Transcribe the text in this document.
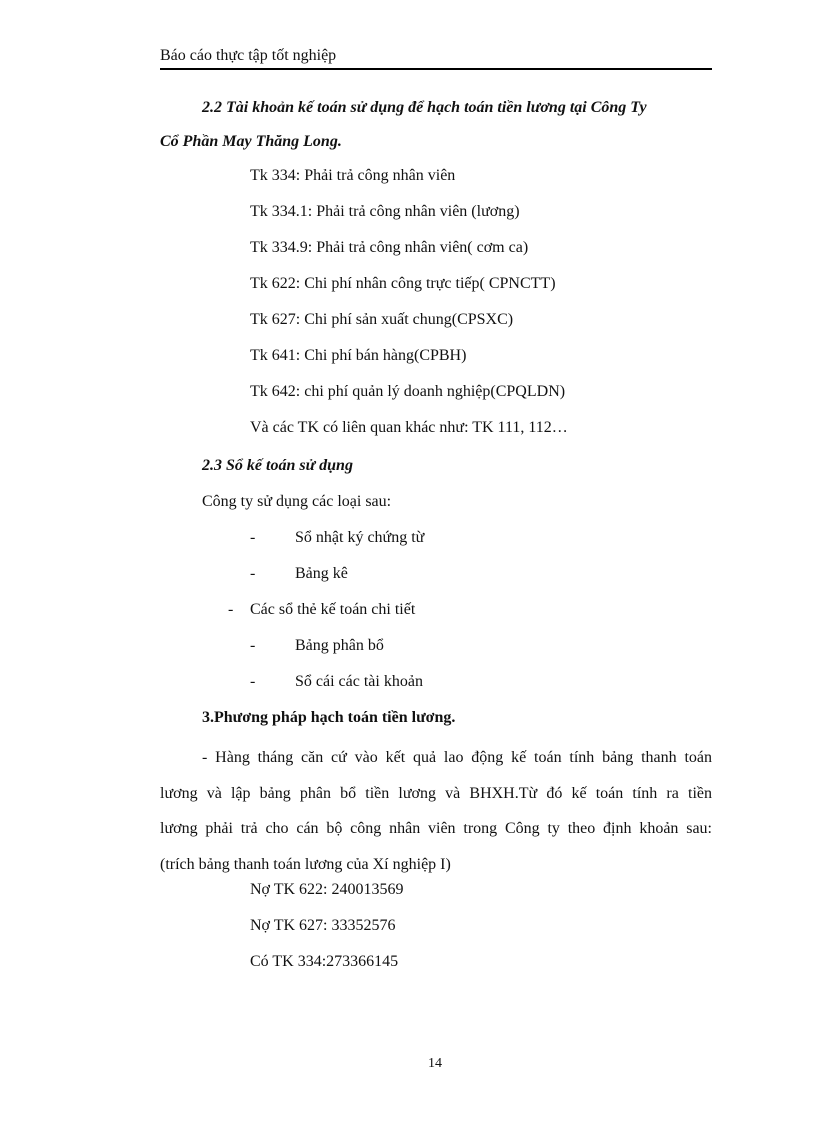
Báo cáo thực tập tốt nghiệp
2.2 Tài khoản kế toán sử dụng để hạch toán tiền lương tại Công Ty
Cổ Phần May Thăng Long.
Tk 334: Phải trả công nhân viên
Tk 334.1: Phải trả công nhân viên (lương)
Tk 334.9: Phải trả công nhân viên( cơm ca)
Tk 622: Chi phí nhân công trực tiếp( CPNCTT)
Tk 627: Chi phí sản xuất chung(CPSXC)
Tk 641: Chi phí bán hàng(CPBH)
Tk 642: chi phí quản lý doanh nghiệp(CPQLDN)
Và các TK có liên quan khác như: TK 111, 112…
2.3 Sổ kế toán sử dụng
Công ty sử dụng các loại sau:
- Sổ nhật ký chứng từ
- Bảng kê
- Các sổ thẻ kế toán chi tiết
- Bảng phân bổ
- Sổ cái các tài khoản
3.Phương pháp hạch toán tiền lương.
- Hàng tháng căn cứ vào kết quả lao động kế toán tính bảng thanh toán
lương và lập bảng phân bổ tiền lương và BHXH.Từ đó kế toán tính ra tiền
lương phải trả cho cán bộ công nhân viên trong Công ty theo định khoản sau:
(trích bảng thanh toán lương của Xí nghiệp I)
Nợ TK 622: 240013569
Nợ TK 627: 33352576
Có TK 334:273366145
14
